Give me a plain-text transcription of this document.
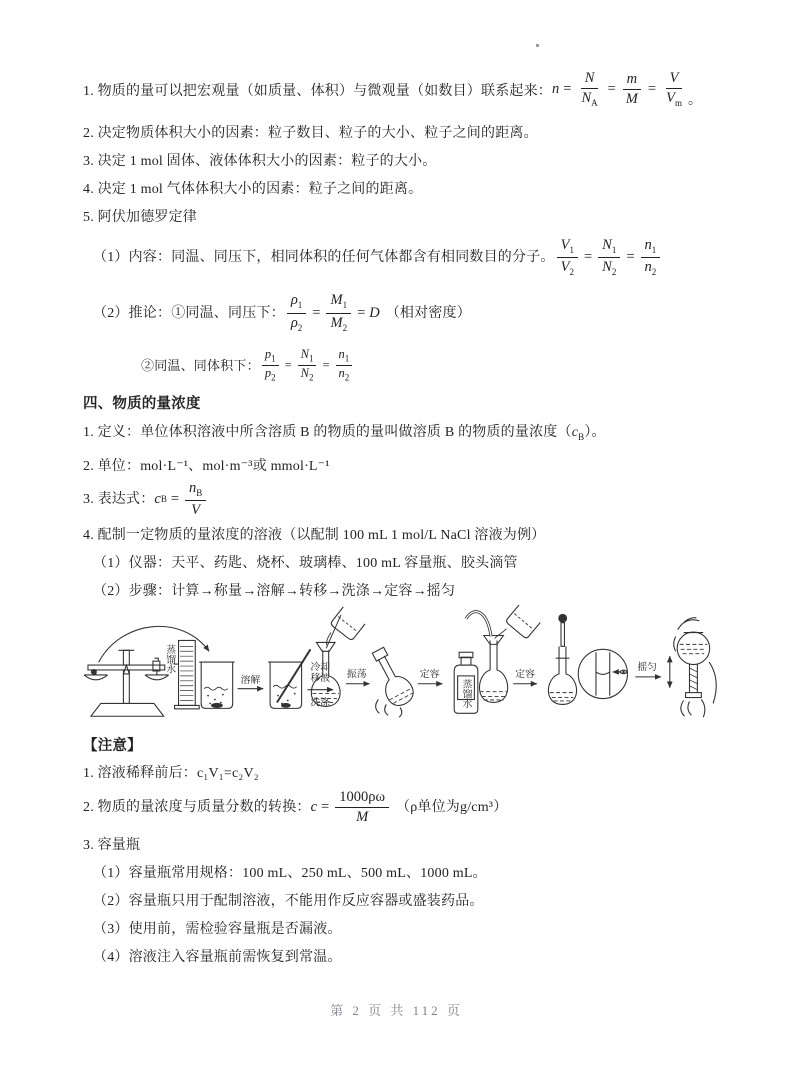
1. 物质的量可以把宏观量（如质量、体积）与微观量（如数目）联系起来： $n = \frac{N}{N_A} = \frac{m}{M} = \frac{V}{V_m}$ 。
2. 决定物质体积大小的因素：粒子数目、粒子的大小、粒子之间的距离。
3. 决定 1 mol 固体、液体体积大小的因素：粒子的大小。
4. 决定 1 mol 气体体积大小的因素：粒子之间的距离。
5. 阿伏加德罗定律
（1）内容：同温、同压下，相同体积的任何气体都含有相同数目的分子。 $\frac{V_1}{V_2} = \frac{N_1}{N_2} = \frac{n_1}{n_2}$
（2）推论：①同温、同压下： $\frac{\rho_1}{\rho_2} = \frac{M_1}{M_2} = D$ （相对密度）
②同温、同体积下： $\frac{p_1}{p_2} = \frac{N_1}{N_2} = \frac{n_1}{n_2}$
四、物质的量浓度
1. 定义：单位体积溶液中所含溶质 B 的物质的量叫做溶质 B 的物质的量浓度$(c_B)$。
2. 单位：mol·L⁻¹、mol·m⁻³或 mmol·L⁻¹
3. 表达式： c $B = \frac{n_B}{V}$
4. 配制一定物质的量浓度的溶液（以配制 100 mL 1 mol/L NaCl 溶液为例）
（1）仪器：天平、药匙、烧杯、玻璃棒、100 mL 容量瓶、胶头滴管
（2）步骤：计算→称量→溶解→转移→洗涤→定容→摇匀
蒸馏水
溶解
冷却
移液
洗涤
振荡	定容
蒸馏水
定容
摇匀
【注意】
1. 溶液稀释前后：c₁V₁=c₂V₂
2. 物质的量浓度与质量分数的转换： $c = \frac{1000\rho\omega}{M} (\rho$单位为g/cm³）
3. 容量瓶
（1）容量瓶常用规格：100 mL、250 mL、500 mL、1000 mL。
（2）容量瓶只用于配制溶液，不能用作反应容器或盛装药品。
（3）使用前，需检验容量瓶是否漏液。
（4）溶液注入容量瓶前需恢复到常温。
第 2 页 共 112 页
